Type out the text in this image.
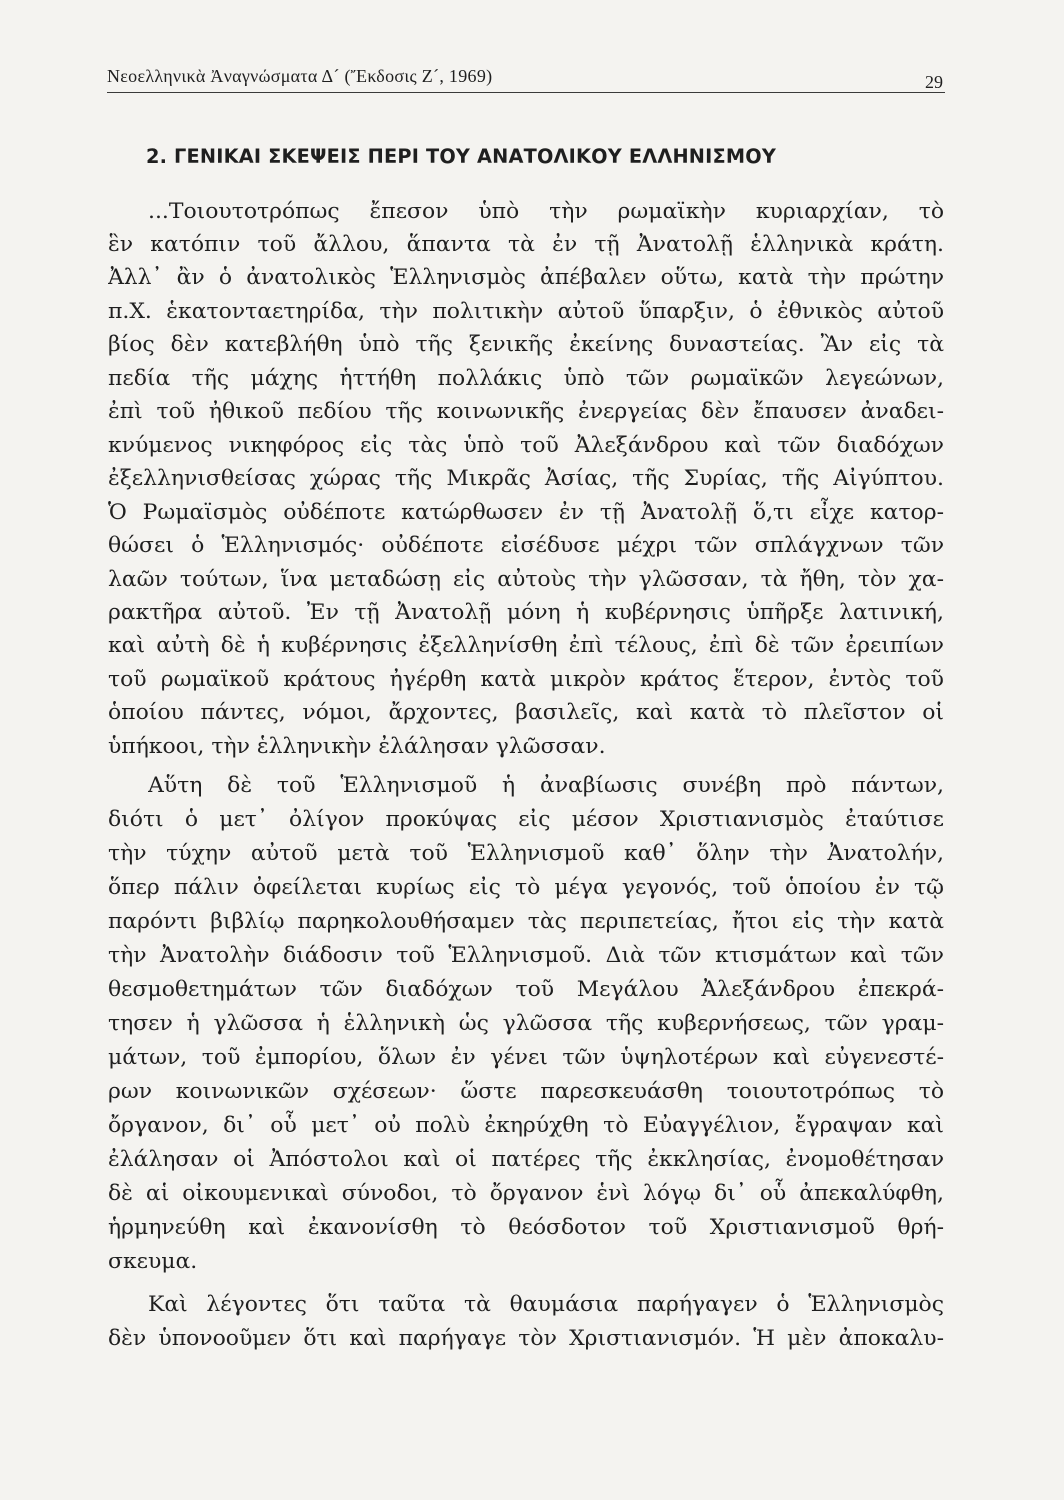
Νεοελληνικὰ Ἀναγνώσματα Δ´ (Ἔκδοσις Ζ´, 1969)	29
2. ΓΕΝΙΚΑΙ ΣΚΕΨΕΙΣ ΠΕΡΙ ΤΟΥ ΑΝΑΤΟΛΙΚΟΥ ΕΛΛΗΝΙΣΜΟΥ
...Τοιουτοτρόπως ἔπεσον ὑπὸ τὴν ρωμαϊκὴν κυριαρχίαν, τὸ
ἓν κατόπιν τοῦ ἄλλου, ἅπαντα τὰ ἐν τῇ Ἀνατολῇ ἑλληνικὰ κράτη.
Ἀλλ᾽ ἂν ὁ ἀνατολικὸς Ἑλληνισμὸς ἀπέβαλεν οὕτω, κατὰ τὴν πρώτην
π.Χ. ἑκατονταετηρίδα, τὴν πολιτικὴν αὐτοῦ ὕπαρξιν, ὁ ἐθνικὸς αὐτοῦ
βίος δὲν κατεβλήθη ὑπὸ τῆς ξενικῆς ἐκείνης δυναστείας. Ἂν εἰς τὰ
πεδία τῆς μάχης ἡττήθη πολλάκις ὑπὸ τῶν ρωμαϊκῶν λεγεώνων,
ἐπὶ τοῦ ἠθικοῦ πεδίου τῆς κοινωνικῆς ἐνεργείας δὲν ἔπαυσεν ἀναδει-
κνύμενος νικηφόρος εἰς τὰς ὑπὸ τοῦ Ἀλεξάνδρου καὶ τῶν διαδόχων
ἐξελληνισθείσας χώρας τῆς Μικρᾶς Ἀσίας, τῆς Συρίας, τῆς Αἰγύπτου.
Ὁ Ρωμαϊσμὸς οὐδέποτε κατώρθωσεν ἐν τῇ Ἀνατολῇ ὅ,τι εἶχε κατορ-
θώσει ὁ Ἑλληνισμός· οὐδέποτε εἰσέδυσε μέχρι τῶν σπλάγχνων τῶν
λαῶν τούτων, ἵνα μεταδώσῃ εἰς αὐτοὺς τὴν γλῶσσαν, τὰ ἤθη, τὸν χα-
ρακτῆρα αὐτοῦ. Ἐν τῇ Ἀνατολῇ μόνη ἡ κυβέρνησις ὑπῆρξε λατινική,
καὶ αὐτὴ δὲ ἡ κυβέρνησις ἐξελληνίσθη ἐπὶ τέλους, ἐπὶ δὲ τῶν ἐρειπίων
τοῦ ρωμαϊκοῦ κράτους ἠγέρθη κατὰ μικρὸν κράτος ἕτερον, ἐντὸς τοῦ
ὁποίου πάντες, νόμοι, ἄρχοντες, βασιλεῖς, καὶ κατὰ τὸ πλεῖστον οἱ
ὑπήκοοι, τὴν ἑλληνικὴν ἐλάλησαν γλῶσσαν.
Αὕτη δὲ τοῦ Ἑλληνισμοῦ ἡ ἀναβίωσις συνέβη πρὸ πάντων,
διότι ὁ μετ᾽ ὀλίγον προκύψας εἰς μέσον Χριστιανισμὸς ἐταύτισε
τὴν τύχην αὐτοῦ μετὰ τοῦ Ἑλληνισμοῦ καθ᾽ ὅλην τὴν Ἀνατολήν,
ὅπερ πάλιν ὀφείλεται κυρίως εἰς τὸ μέγα γεγονός, τοῦ ὁποίου ἐν τῷ
παρόντι βιβλίῳ παρηκολουθήσαμεν τὰς περιπετείας, ἤτοι εἰς τὴν κατὰ
τὴν Ἀνατολὴν διάδοσιν τοῦ Ἑλληνισμοῦ. Διὰ τῶν κτισμάτων καὶ τῶν
θεσμοθετημάτων τῶν διαδόχων τοῦ Μεγάλου Ἀλεξάνδρου ἐπεκρά-
τησεν ἡ γλῶσσα ἡ ἑλληνικὴ ὡς γλῶσσα τῆς κυβερνήσεως, τῶν γραμ-
μάτων, τοῦ ἐμπορίου, ὅλων ἐν γένει τῶν ὑψηλοτέρων καὶ εὐγενεστέ-
ρων κοινωνικῶν σχέσεων· ὥστε παρεσκευάσθη τοιουτοτρόπως τὸ
ὄργανον, δι᾽ οὗ μετ᾽ οὐ πολὺ ἐκηρύχθη τὸ Εὐαγγέλιον, ἔγραψαν καὶ
ἐλάλησαν οἱ Ἀπόστολοι καὶ οἱ πατέρες τῆς ἐκκλησίας, ἐνομοθέτησαν
δὲ αἱ οἰκουμενικαὶ σύνοδοι, τὸ ὄργανον ἑνὶ λόγῳ δι᾽ οὗ ἀπεκαλύφθη,
ἡρμηνεύθη καὶ ἐκανονίσθη τὸ θεόσδοτον τοῦ Χριστιανισμοῦ θρή-
σκευμα.
Καὶ λέγοντες ὅτι ταῦτα τὰ θαυμάσια παρήγαγεν ὁ Ἑλληνισμὸς
δὲν ὑπονοοῦμεν ὅτι καὶ παρήγαγε τὸν Χριστιανισμόν. Ἡ μὲν ἀποκαλυ-
